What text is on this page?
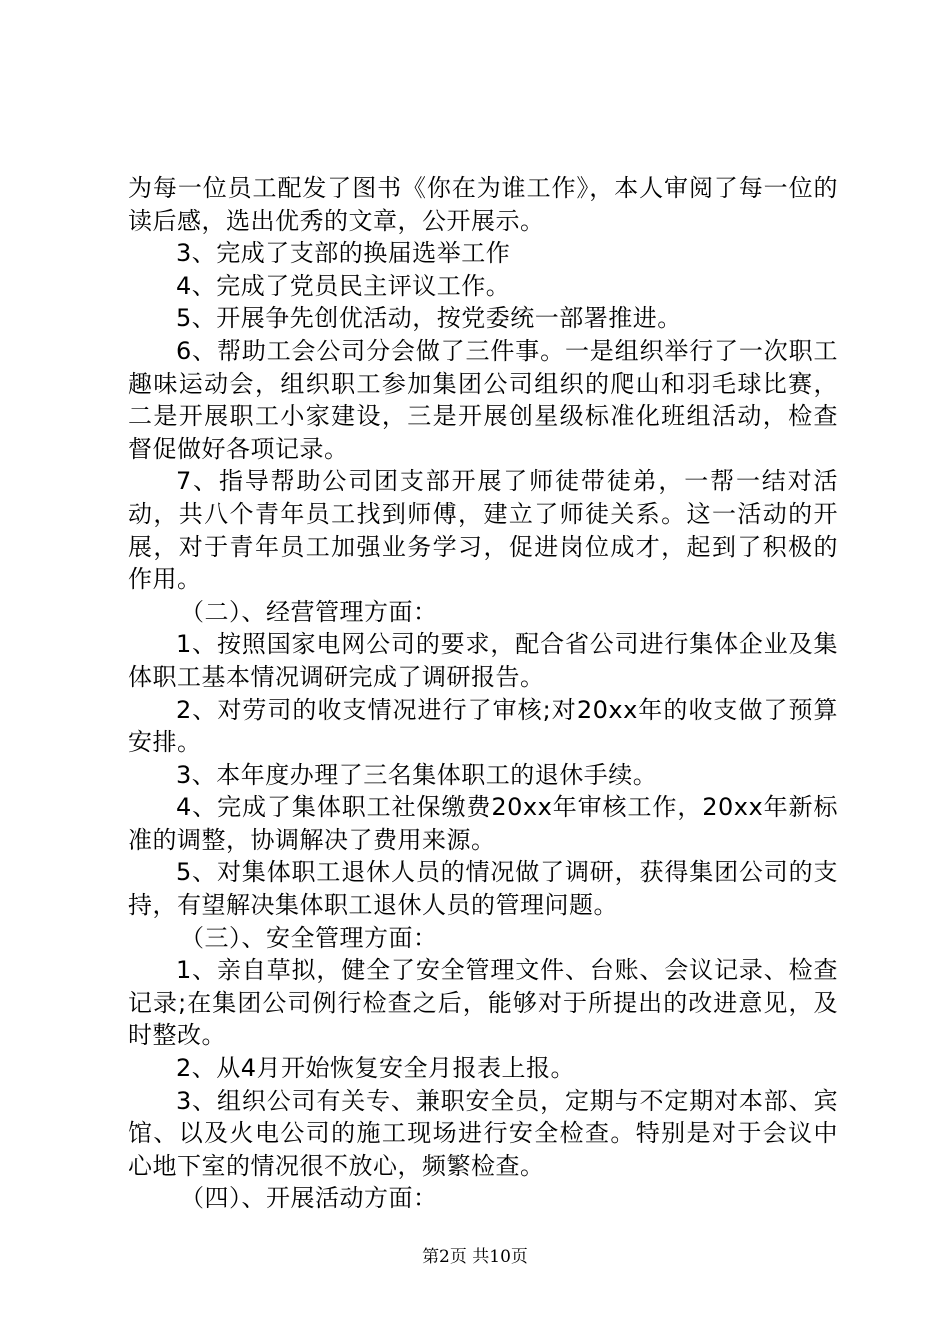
为每一位员工配发了图书《你在为谁工作》，本人审阅了每一位的读后感，选出优秀的文章，公开展示。

3、完成了支部的换届选举工作

4、完成了党员民主评议工作。

5、开展争先创优活动，按党委统一部署推进。

6、帮助工会公司分会做了三件事。一是组织举行了一次职工趣味运动会，组织职工参加集团公司组织的爬山和羽毛球比赛，二是开展职工小家建设，三是开展创星级标准化班组活动，检查督促做好各项记录。

7、指导帮助公司团支部开展了师徒带徒弟，一帮一结对活动，共八个青年员工找到师傅，建立了师徒关系。这一活动的开展，对于青年员工加强业务学习，促进岗位成才，起到了积极的作用。

（二）、经营管理方面：

1、按照国家电网公司的要求，配合省公司进行集体企业及集体职工基本情况调研完成了调研报告。

2、对劳司的收支情况进行了审核;对20xx年的收支做了预算安排。

3、本年度办理了三名集体职工的退休手续。

4、完成了集体职工社保缴费20xx年审核工作，20xx年新标准的调整，协调解决了费用来源。

5、对集体职工退休人员的情况做了调研，获得集团公司的支持，有望解决集体职工退休人员的管理问题。

（三）、安全管理方面：

1、亲自草拟，健全了安全管理文件、台账、会议记录、检查记录;在集团公司例行检查之后，能够对于所提出的改进意见，及时整改。

2、从4月开始恢复安全月报表上报。

3、组织公司有关专、兼职安全员，定期与不定期对本部、宾馆、以及火电公司的施工现场进行安全检查。特别是对于会议中心地下室的情况很不放心，频繁检查。

（四）、开展活动方面：

第2页 共10页
